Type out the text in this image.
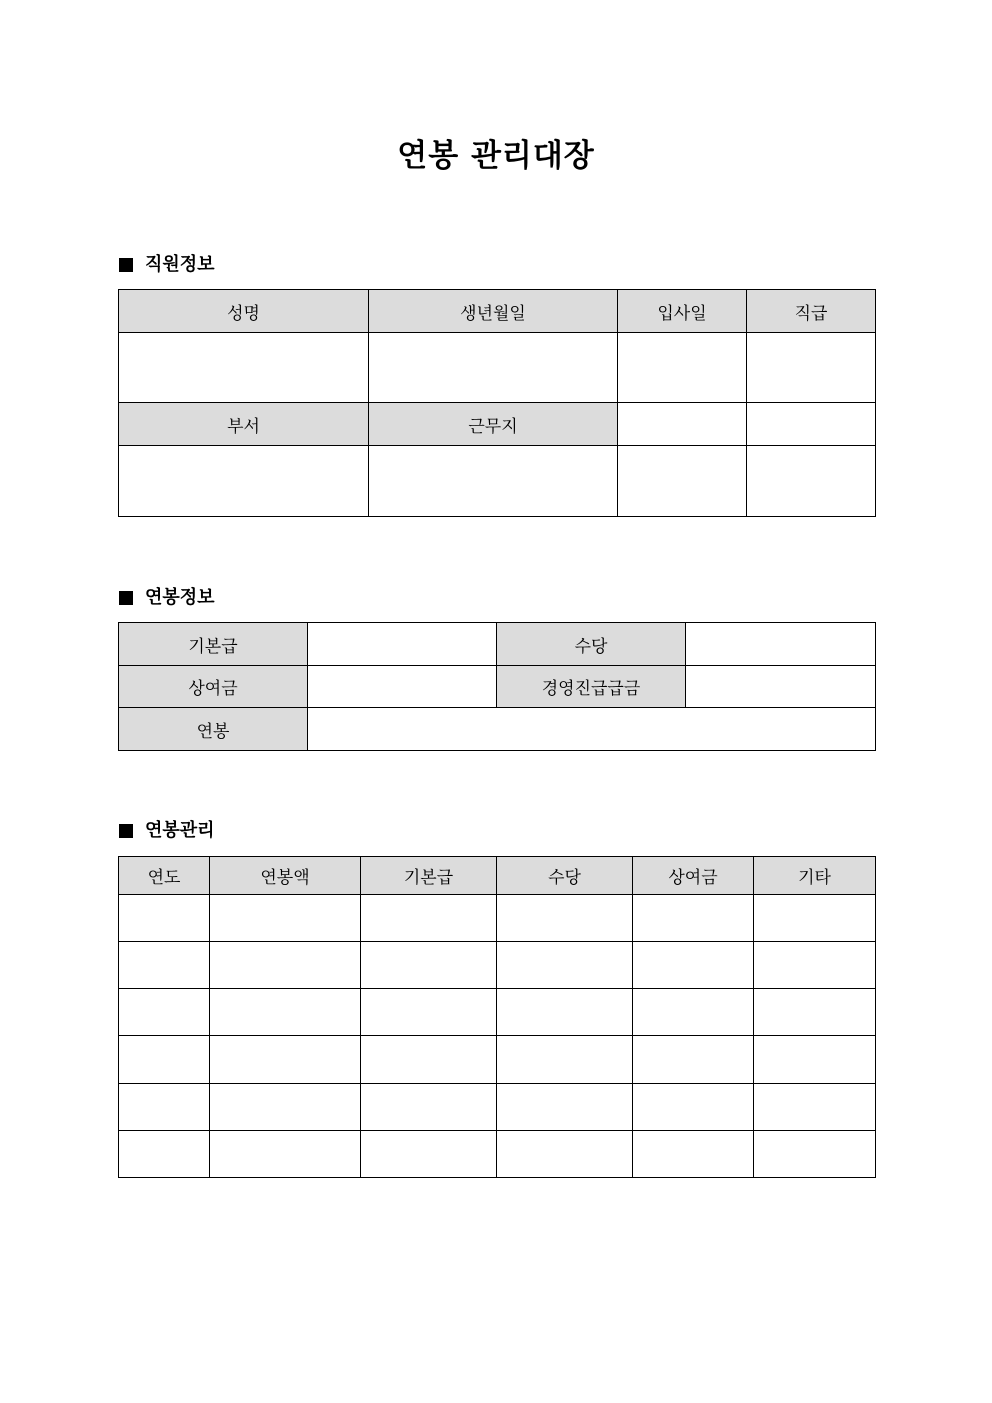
연봉 관리대장
직원정보
성명	생년월일	입사일	직급

부서	근무지		

연봉정보
기본급		수당	
상여금		경영진급급금	
연봉			
연봉관리
연도	연봉액	기본급	수당	상여금	기타
